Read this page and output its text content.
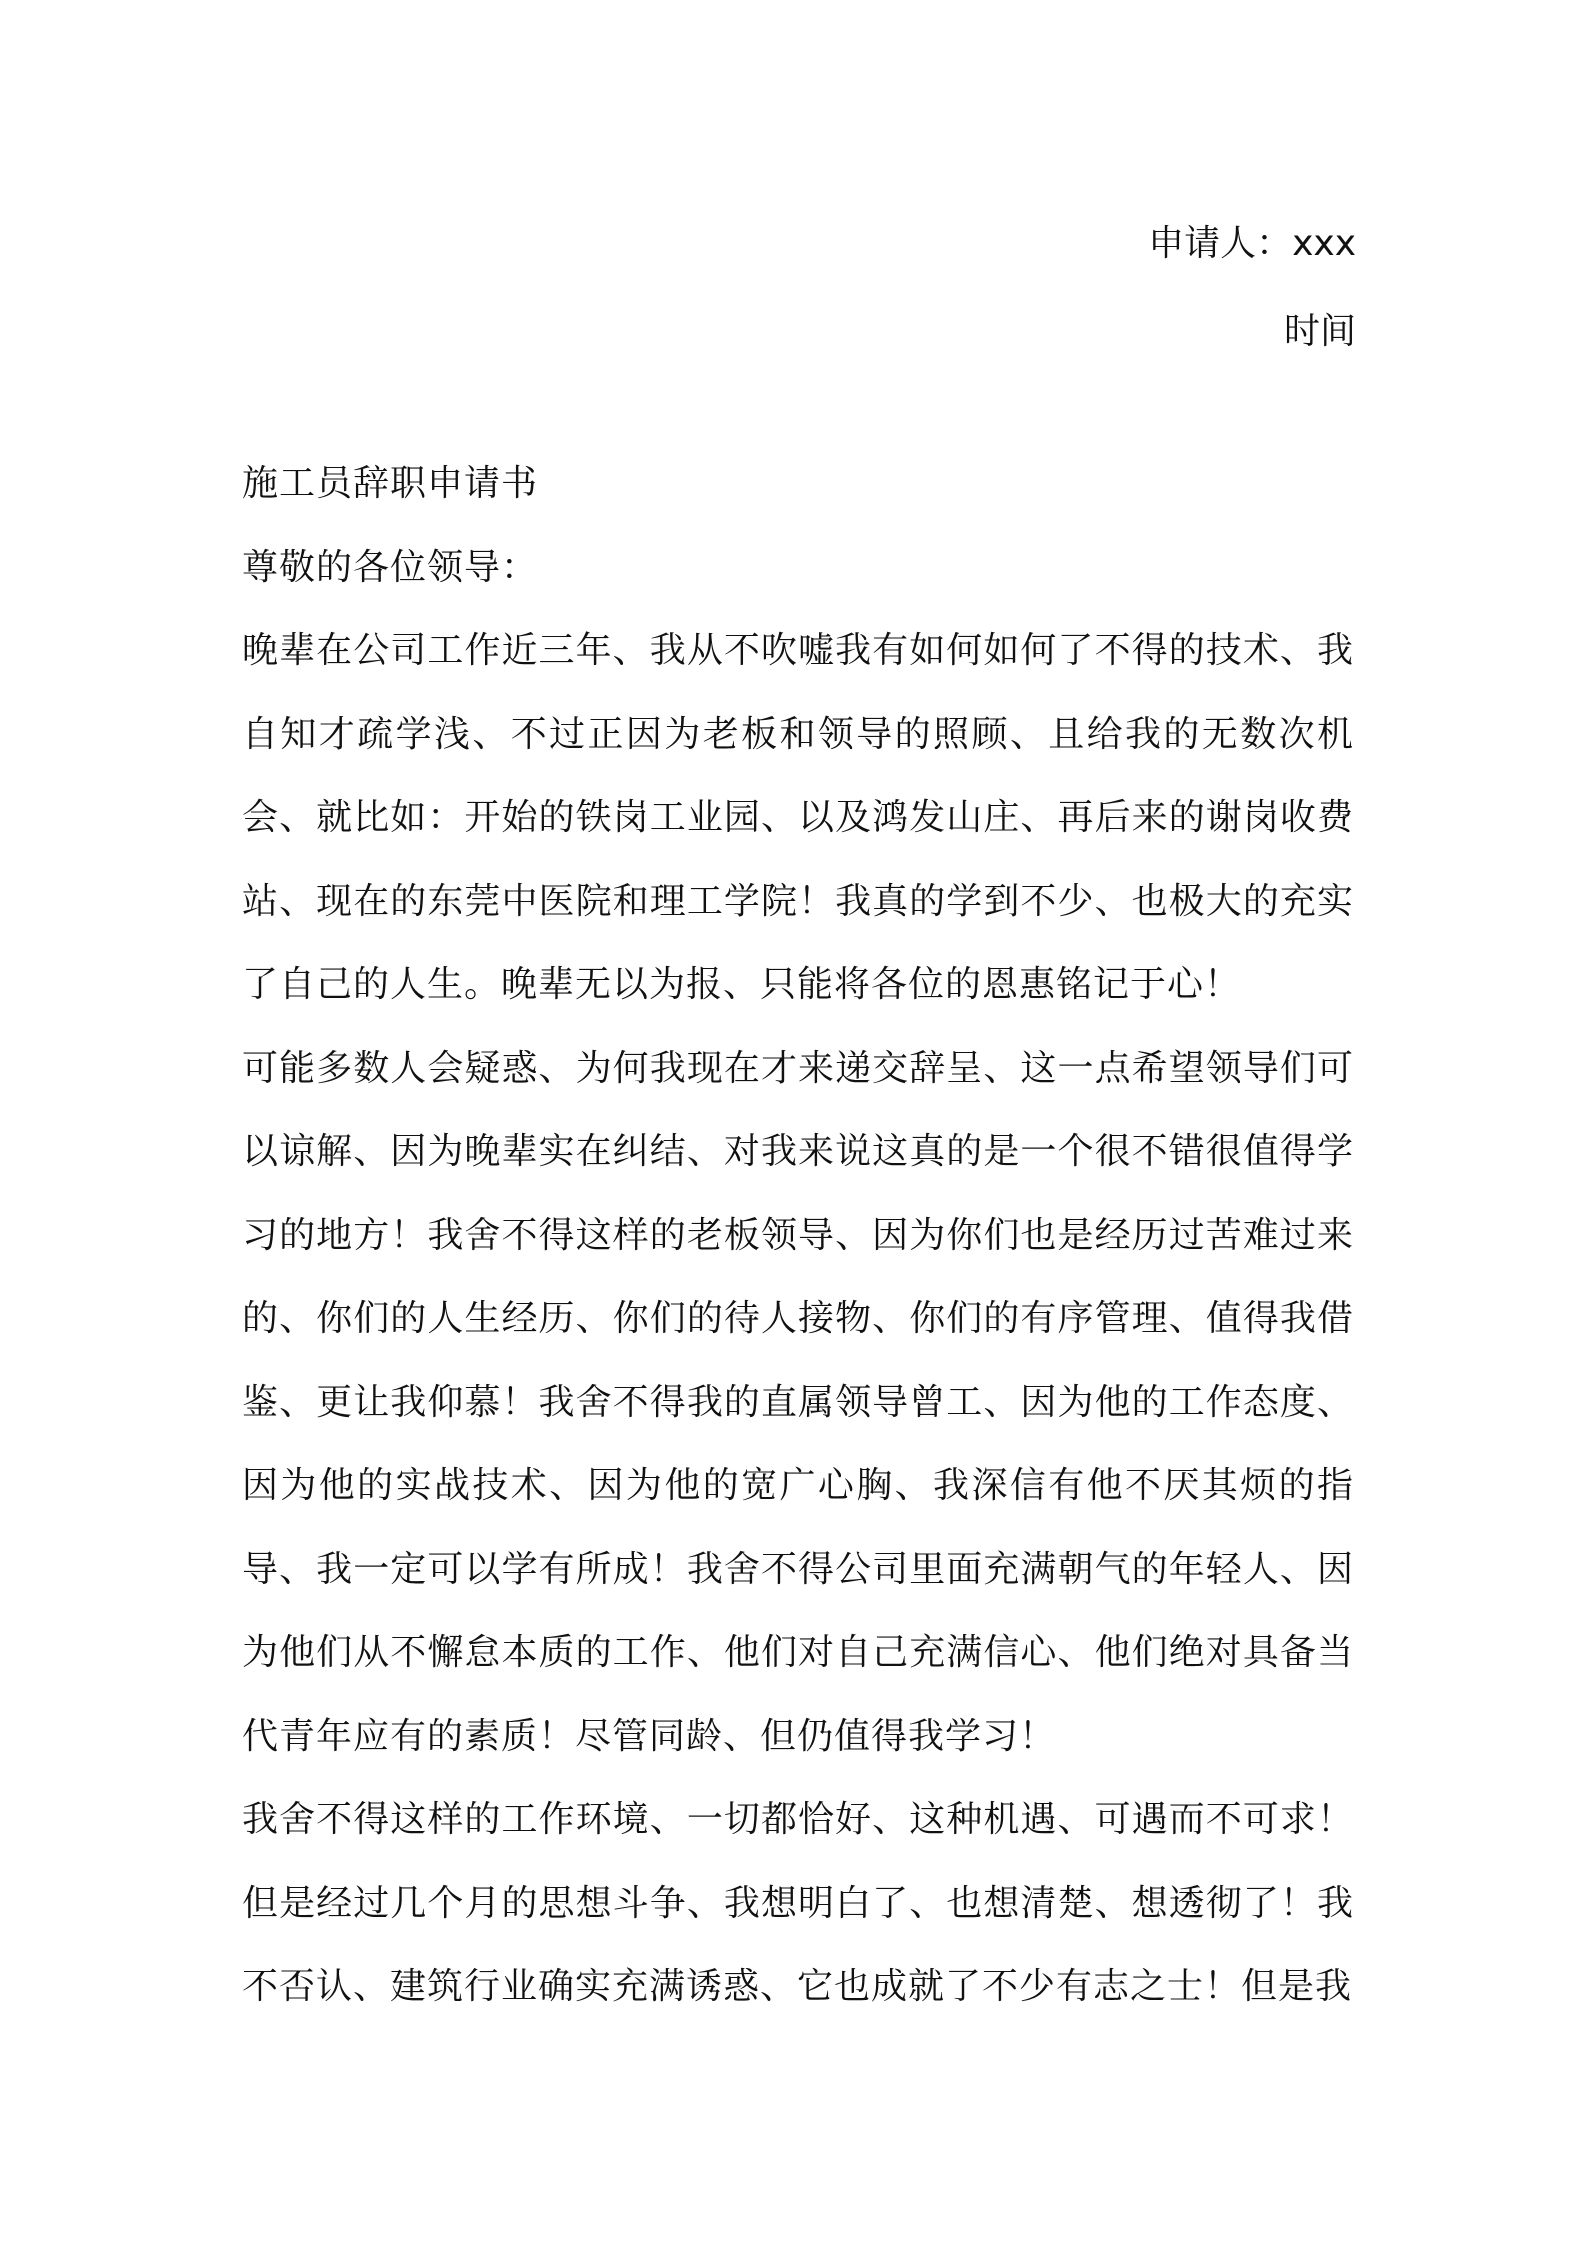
申请人：xxx
时间

施工员辞职申请书

尊敬的各位领导：

晚辈在公司工作近三年、我从不吹嘘我有如何如何了不得的技术、我自知才疏学浅、不过正因为老板和领导的照顾、且给我的无数次机会、就比如：开始的铁岗工业园、以及鸿发山庄、再后来的谢岗收费站、现在的东莞中医院和理工学院！我真的学到不少、也极大的充实了自己的人生。晚辈无以为报、只能将各位的恩惠铭记于心！

可能多数人会疑惑、为何我现在才来递交辞呈、这一点希望领导们可以谅解、因为晚辈实在纠结、对我来说这真的是一个很不错很值得学习的地方！我舍不得这样的老板领导、因为你们也是经历过苦难过来的、你们的人生经历、你们的待人接物、你们的有序管理、值得我借鉴、更让我仰慕！我舍不得我的直属领导曾工、因为他的工作态度、因为他的实战技术、因为他的宽广心胸、我深信有他不厌其烦的指导、我一定可以学有所成！我舍不得公司里面充满朝气的年轻人、因为他们从不懈怠本质的工作、他们对自己充满信心、他们绝对具备当代青年应有的素质！尽管同龄、但仍值得我学习！

我舍不得这样的工作环境、一切都恰好、这种机遇、可遇而不可求！但是经过几个月的思想斗争、我想明白了、也想清楚、想透彻了！我不否认、建筑行业确实充满诱惑、它也成就了不少有志之士！但是我
